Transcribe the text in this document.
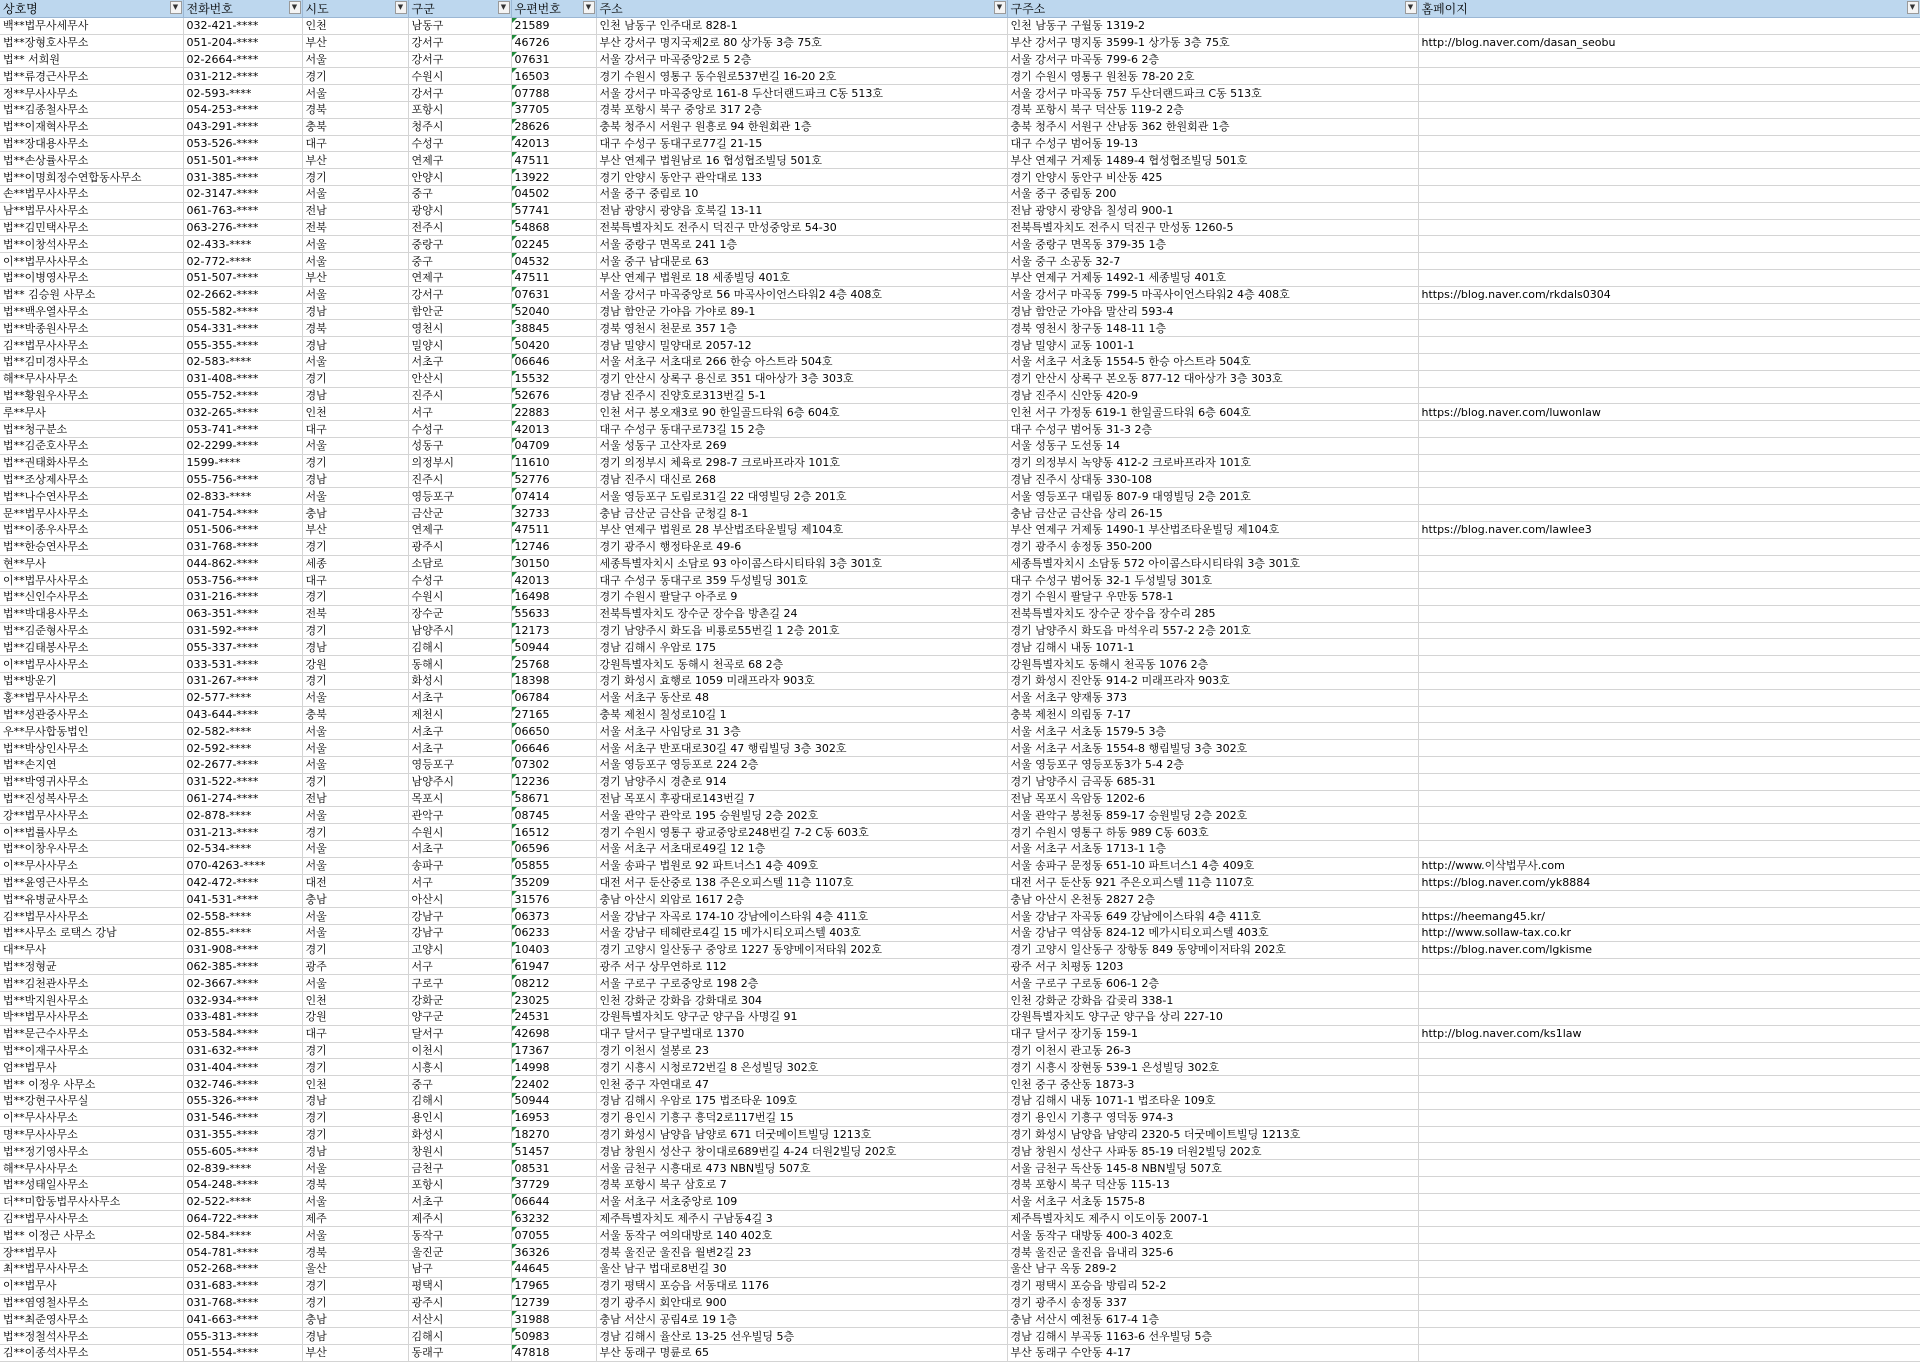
상호명 ▼	전화번호 ▼	시도 ▼	구군 ▼	우편번호 ▼	주소 ▼	구주소 ▼	홈페이지 ▼

백**법무사세무사	032-421-****	인천	남동구	21589	인천 남동구 인주대로 828-1	인천 남동구 구월동 1319-2	
법**장형호사무소	051-204-****	부산	강서구	46726	부산 강서구 명지국제2로 80 상가동 3층 75호	부산 강서구 명지동 3599-1 상가동 3층 75호	http://blog.naver.com/dasan_seobu
법** 서희원	02-2664-****	서울	강서구	07631	서울 강서구 마곡중앙2로 5 2층	서울 강서구 마곡동 799-6 2층	
법**류경근사무소	031-212-****	경기	수원시	16503	경기 수원시 영통구 동수원로537번길 16-20 2호	경기 수원시 영통구 원천동 78-20 2호	
정**무사사무소	02-593-****	서울	강서구	07788	서울 강서구 마곡중앙로 161-8 두산더랜드파크 C동 513호	서울 강서구 마곡동 757 두산더랜드파크 C동 513호	
법**김종철사무소	054-253-****	경북	포항시	37705	경북 포항시 북구 중앙로 317 2층	경북 포항시 북구 덕산동 119-2 2층	
법**이재혁사무소	043-291-****	충북	청주시	28626	충북 청주시 서원구 원흥로 94 한원회관 1층	충북 청주시 서원구 산남동 362 한원회관 1층	
법**장대용사무소	053-526-****	대구	수성구	42013	대구 수성구 동대구로77길 21-15	대구 수성구 범어동 19-13	
법**손상률사무소	051-501-****	부산	연제구	47511	부산 연제구 법원남로 16 협성협조빌딩 501호	부산 연제구 거제동 1489-4 협성협조빌딩 501호	
법**이명희정수연합동사무소	031-385-****	경기	안양시	13922	경기 안양시 동안구 관악대로 133	경기 안양시 동안구 비산동 425	
손**법무사사무소	02-3147-****	서울	중구	04502	서울 중구 중림로 10	서울 중구 중림동 200	
남**법무사사무소	061-763-****	전남	광양시	57741	전남 광양시 광양읍 호북길 13-11	전남 광양시 광양읍 칠성리 900-1	
법**김민택사무소	063-276-****	전북	전주시	54868	전북특별자치도 전주시 덕진구 만성중앙로 54-30	전북특별자치도 전주시 덕진구 만성동 1260-5	
법**이창석사무소	02-433-****	서울	중랑구	02245	서울 중랑구 면목로 241 1층	서울 중랑구 면목동 379-35 1층	
이**법무사사무소	02-772-****	서울	중구	04532	서울 중구 남대문로 63	서울 중구 소공동 32-7	
법**이병영사무소	051-507-****	부산	연제구	47511	부산 연제구 법원로 18 세종빌딩 401호	부산 연제구 거제동 1492-1 세종빌딩 401호	
법** 김승원 사무소	02-2662-****	서울	강서구	07631	서울 강서구 마곡중앙로 56 마곡사이언스타워2 4층 408호	서울 강서구 마곡동 799-5 마곡사이언스타워2 4층 408호	https://blog.naver.com/rkdals0304
법**백우열사무소	055-582-****	경남	함안군	52040	경남 함안군 가야읍 가야로 89-1	경남 함안군 가야읍 말산리 593-4	
법**박종원사무소	054-331-****	경북	영천시	38845	경북 영천시 천문로 357 1층	경북 영천시 창구동 148-11 1층	
김**법무사사무소	055-355-****	경남	밀양시	50420	경남 밀양시 밀양대로 2057-12	경남 밀양시 교동 1001-1	
법**김미경사무소	02-583-****	서울	서초구	06646	서울 서초구 서초대로 266 한승 아스트라 504호	서울 서초구 서초동 1554-5 한승 아스트라 504호	
해**무사사무소	031-408-****	경기	안산시	15532	경기 안산시 상록구 용신로 351 대아상가 3층 303호	경기 안산시 상록구 본오동 877-12 대아상가 3층 303호	
법**황원우사무소	055-752-****	경남	진주시	52676	경남 진주시 진양호로313번길 5-1	경남 진주시 신안동 420-9	
루**무사	032-265-****	인천	서구	22883	인천 서구 봉오재3로 90 한일골드타워 6층 604호	인천 서구 가정동 619-1 한일골드타워 6층 604호	https://blog.naver.com/luwonlaw
법**청구분소	053-741-****	대구	수성구	42013	대구 수성구 동대구로73길 15 2층	대구 수성구 범어동 31-3 2층	
법**김준호사무소	02-2299-****	서울	성동구	04709	서울 성동구 고산자로 269	서울 성동구 도선동 14	
법**권태화사무소	1599-****	경기	의정부시	11610	경기 의정부시 체육로 298-7 크로바프라자 101호	경기 의정부시 녹양동 412-2 크로바프라자 101호	
법**조상제사무소	055-756-****	경남	진주시	52776	경남 진주시 대신로 268	경남 진주시 상대동 330-108	
법**나수연사무소	02-833-****	서울	영등포구	07414	서울 영등포구 도림로31길 22 대영빌딩 2층 201호	서울 영등포구 대림동 807-9 대영빌딩 2층 201호	
문**법무사사무소	041-754-****	충남	금산군	32733	충남 금산군 금산읍 군청길 8-1	충남 금산군 금산읍 상리 26-15	
법**이종우사무소	051-506-****	부산	연제구	47511	부산 연제구 법원로 28 부산법조타운빌딩 제104호	부산 연제구 거제동 1490-1 부산법조타운빌딩 제104호	https://blog.naver.com/lawlee3
법**한승연사무소	031-768-****	경기	광주시	12746	경기 광주시 행정타운로 49-6	경기 광주시 송정동 350-200	
현**무사	044-862-****	세종	소담로	30150	세종특별자치시 소담로 93 아이콤스타시티타워 3층 301호	세종특별자치시 소담동 572 아이콤스타시티타워 3층 301호	
이**법무사사무소	053-756-****	대구	수성구	42013	대구 수성구 동대구로 359 두성빌딩 301호	대구 수성구 범어동 32-1 두성빌딩 301호	
법**신인수사무소	031-216-****	경기	수원시	16498	경기 수원시 팔달구 아주로 9	경기 수원시 팔달구 우만동 578-1	
법**박대용사무소	063-351-****	전북	장수군	55633	전북특별자치도 장수군 장수읍 방촌길 24	전북특별자치도 장수군 장수읍 장수리 285	
법**김준형사무소	031-592-****	경기	남양주시	12173	경기 남양주시 화도읍 비룡로55번길 1 2층 201호	경기 남양주시 화도읍 마석우리 557-2 2층 201호	
법**김태봉사무소	055-337-****	경남	김해시	50944	경남 김해시 우암로 175	경남 김해시 내동 1071-1	
이**법무사사무소	033-531-****	강원	동해시	25768	강원특별자치도 동해시 천곡로 68 2층	강원특별자치도 동해시 천곡동 1076 2층	
법**방운기	031-267-****	경기	화성시	18398	경기 화성시 효행로 1059 미래프라자 903호	경기 화성시 진안동 914-2 미래프라자 903호	
홍**법무사사무소	02-577-****	서울	서초구	06784	서울 서초구 동산로 48	서울 서초구 양재동 373	
법**성관중사무소	043-644-****	충북	제천시	27165	충북 제천시 칠성로10길 1	충북 제천시 의림동 7-17	
우**무사합동법인	02-582-****	서울	서초구	06650	서울 서초구 사임당로 31 3층	서울 서초구 서초동 1579-5 3층	
법**박상인사무소	02-592-****	서울	서초구	06646	서울 서초구 반포대로30길 47 행림빌딩 3층 302호	서울 서초구 서초동 1554-8 행림빌딩 3층 302호	
법**손지연	02-2677-****	서울	영등포구	07302	서울 영등포구 영등포로 224 2층	서울 영등포구 영등포동3가 5-4 2층	
법**박영귀사무소	031-522-****	경기	남양주시	12236	경기 남양주시 경춘로 914	경기 남양주시 금곡동 685-31	
법**진성복사무소	061-274-****	전남	목포시	58671	전남 목포시 후광대로143번길 7	전남 목포시 옥암동 1202-6	
강**법무사사무소	02-878-****	서울	관악구	08745	서울 관악구 관악로 195 승원빌딩 2층 202호	서울 관악구 봉천동 859-17 승원빌딩 2층 202호	
이**법률사무소	031-213-****	경기	수원시	16512	경기 수원시 영통구 광교중앙로248번길 7-2 C동 603호	경기 수원시 영통구 하동 989 C동 603호	
법**이창우사무소	02-534-****	서울	서초구	06596	서울 서초구 서초대로49길 12 1층	서울 서초구 서초동 1713-1 1층	
이**무사사무소	070-4263-****	서울	송파구	05855	서울 송파구 법원로 92 파트너스1 4층 409호	서울 송파구 문정동 651-10 파트너스1 4층 409호	http://www.이삭법무사.com
법**윤영근사무소	042-472-****	대전	서구	35209	대전 서구 둔산중로 138 주은오피스텔 11층 1107호	대전 서구 둔산동 921 주은오피스텔 11층 1107호	https://blog.naver.com/yk8884
법**유병균사무소	041-531-****	충남	아산시	31576	충남 아산시 외암로 1617 2층	충남 아산시 온천동 2827 2층	
김**법무사사무소	02-558-****	서울	강남구	06373	서울 강남구 자곡로 174-10 강남에이스타워 4층 411호	서울 강남구 자곡동 649 강남에이스타워 4층 411호	https://heemang45.kr/
법**사무소 로택스 강남	02-855-****	서울	강남구	06233	서울 강남구 테헤란로4길 15 메가시티오피스텔 403호	서울 강남구 역삼동 824-12 메가시티오피스텔 403호	http://www.sollaw-tax.co.kr
대**무사	031-908-****	경기	고양시	10403	경기 고양시 일산동구 중앙로 1227 동양메이저타워 202호	경기 고양시 일산동구 장항동 849 동양메이저타워 202호	https://blog.naver.com/lgkisme
법**정형균	062-385-****	광주	서구	61947	광주 서구 상무연하로 112	광주 서구 치평동 1203	
법**김천관사무소	02-3667-****	서울	구로구	08212	서울 구로구 구로중앙로 198 2층	서울 구로구 구로동 606-1 2층	
법**박지원사무소	032-934-****	인천	강화군	23025	인천 강화군 강화읍 강화대로 304	인천 강화군 강화읍 갑곶리 338-1	
박**법무사사무소	033-481-****	강원	양구군	24531	강원특별자치도 양구군 양구읍 사명길 91	강원특별자치도 양구군 양구읍 상리 227-10	
법**문근수사무소	053-584-****	대구	달서구	42698	대구 달서구 달구벌대로 1370	대구 달서구 장기동 159-1	http://blog.naver.com/ks1law
법**이재구사무소	031-632-****	경기	이천시	17367	경기 이천시 설봉로 23	경기 이천시 관고동 26-3	
엄**법무사	031-404-****	경기	시흥시	14998	경기 시흥시 시청로72번길 8 은성빌딩 302호	경기 시흥시 장현동 539-1 은성빌딩 302호	
법** 이정우 사무소	032-746-****	인천	중구	22402	인천 중구 자연대로 47	인천 중구 중산동 1873-3	
법**강현구사무실	055-326-****	경남	김해시	50944	경남 김해시 우암로 175 법조타운 109호	경남 김해시 내동 1071-1 법조타운 109호	
이**무사사무소	031-546-****	경기	용인시	16953	경기 용인시 기흥구 흥덕2로117번길 15	경기 용인시 기흥구 영덕동 974-3	
명**무사사무소	031-355-****	경기	화성시	18270	경기 화성시 남양읍 남양로 671 더굿메이트빌딩 1213호	경기 화성시 남양읍 남양리 2320-5 더굿메이트빌딩 1213호	
법**정기영사무소	055-605-****	경남	창원시	51457	경남 창원시 성산구 창이대로689번길 4-24 더원2빌딩 202호	경남 창원시 성산구 사파동 85-19 더원2빌딩 202호	
해**무사사무소	02-839-****	서울	금천구	08531	서울 금천구 시흥대로 473 NBN빌딩 507호	서울 금천구 독산동 145-8 NBN빌딩 507호	
법**성태일사무소	054-248-****	경북	포항시	37729	경북 포항시 북구 삼호로 7	경북 포항시 북구 덕산동 115-13	
더**미합동법무사사무소	02-522-****	서울	서초구	06644	서울 서초구 서초중앙로 109	서울 서초구 서초동 1575-8	
김**법무사사무소	064-722-****	제주	제주시	63232	제주특별자치도 제주시 구남동4길 3	제주특별자치도 제주시 이도이동 2007-1	
법** 이정근 사무소	02-584-****	서울	동작구	07055	서울 동작구 여의대방로 140 402호	서울 동작구 대방동 400-3 402호	
장**법무사	054-781-****	경북	울진군	36326	경북 울진군 울진읍 월변2길 23	경북 울진군 울진읍 읍내리 325-6	
최**법무사사무소	052-268-****	울산	남구	44645	울산 남구 법대로8번길 30	울산 남구 옥동 289-2	
이**법무사	031-683-****	경기	평택시	17965	경기 평택시 포승읍 서동대로 1176	경기 평택시 포승읍 방림리 52-2	
법**염영철사무소	031-768-****	경기	광주시	12739	경기 광주시 회안대로 900	경기 광주시 송정동 337	
법**최준영사무소	041-663-****	충남	서산시	31988	충남 서산시 공림4로 19 1층	충남 서산시 예천동 617-4 1층	
법**정철석사무소	055-313-****	경남	김해시	50983	경남 김해시 율산로 13-25 선우빌딩 5층	경남 김해시 부곡동 1163-6 선우빌딩 5층	
김**이종석사무소	051-554-****	부산	동래구	47818	부산 동래구 명륜로 65	부산 동래구 수안동 4-17	
